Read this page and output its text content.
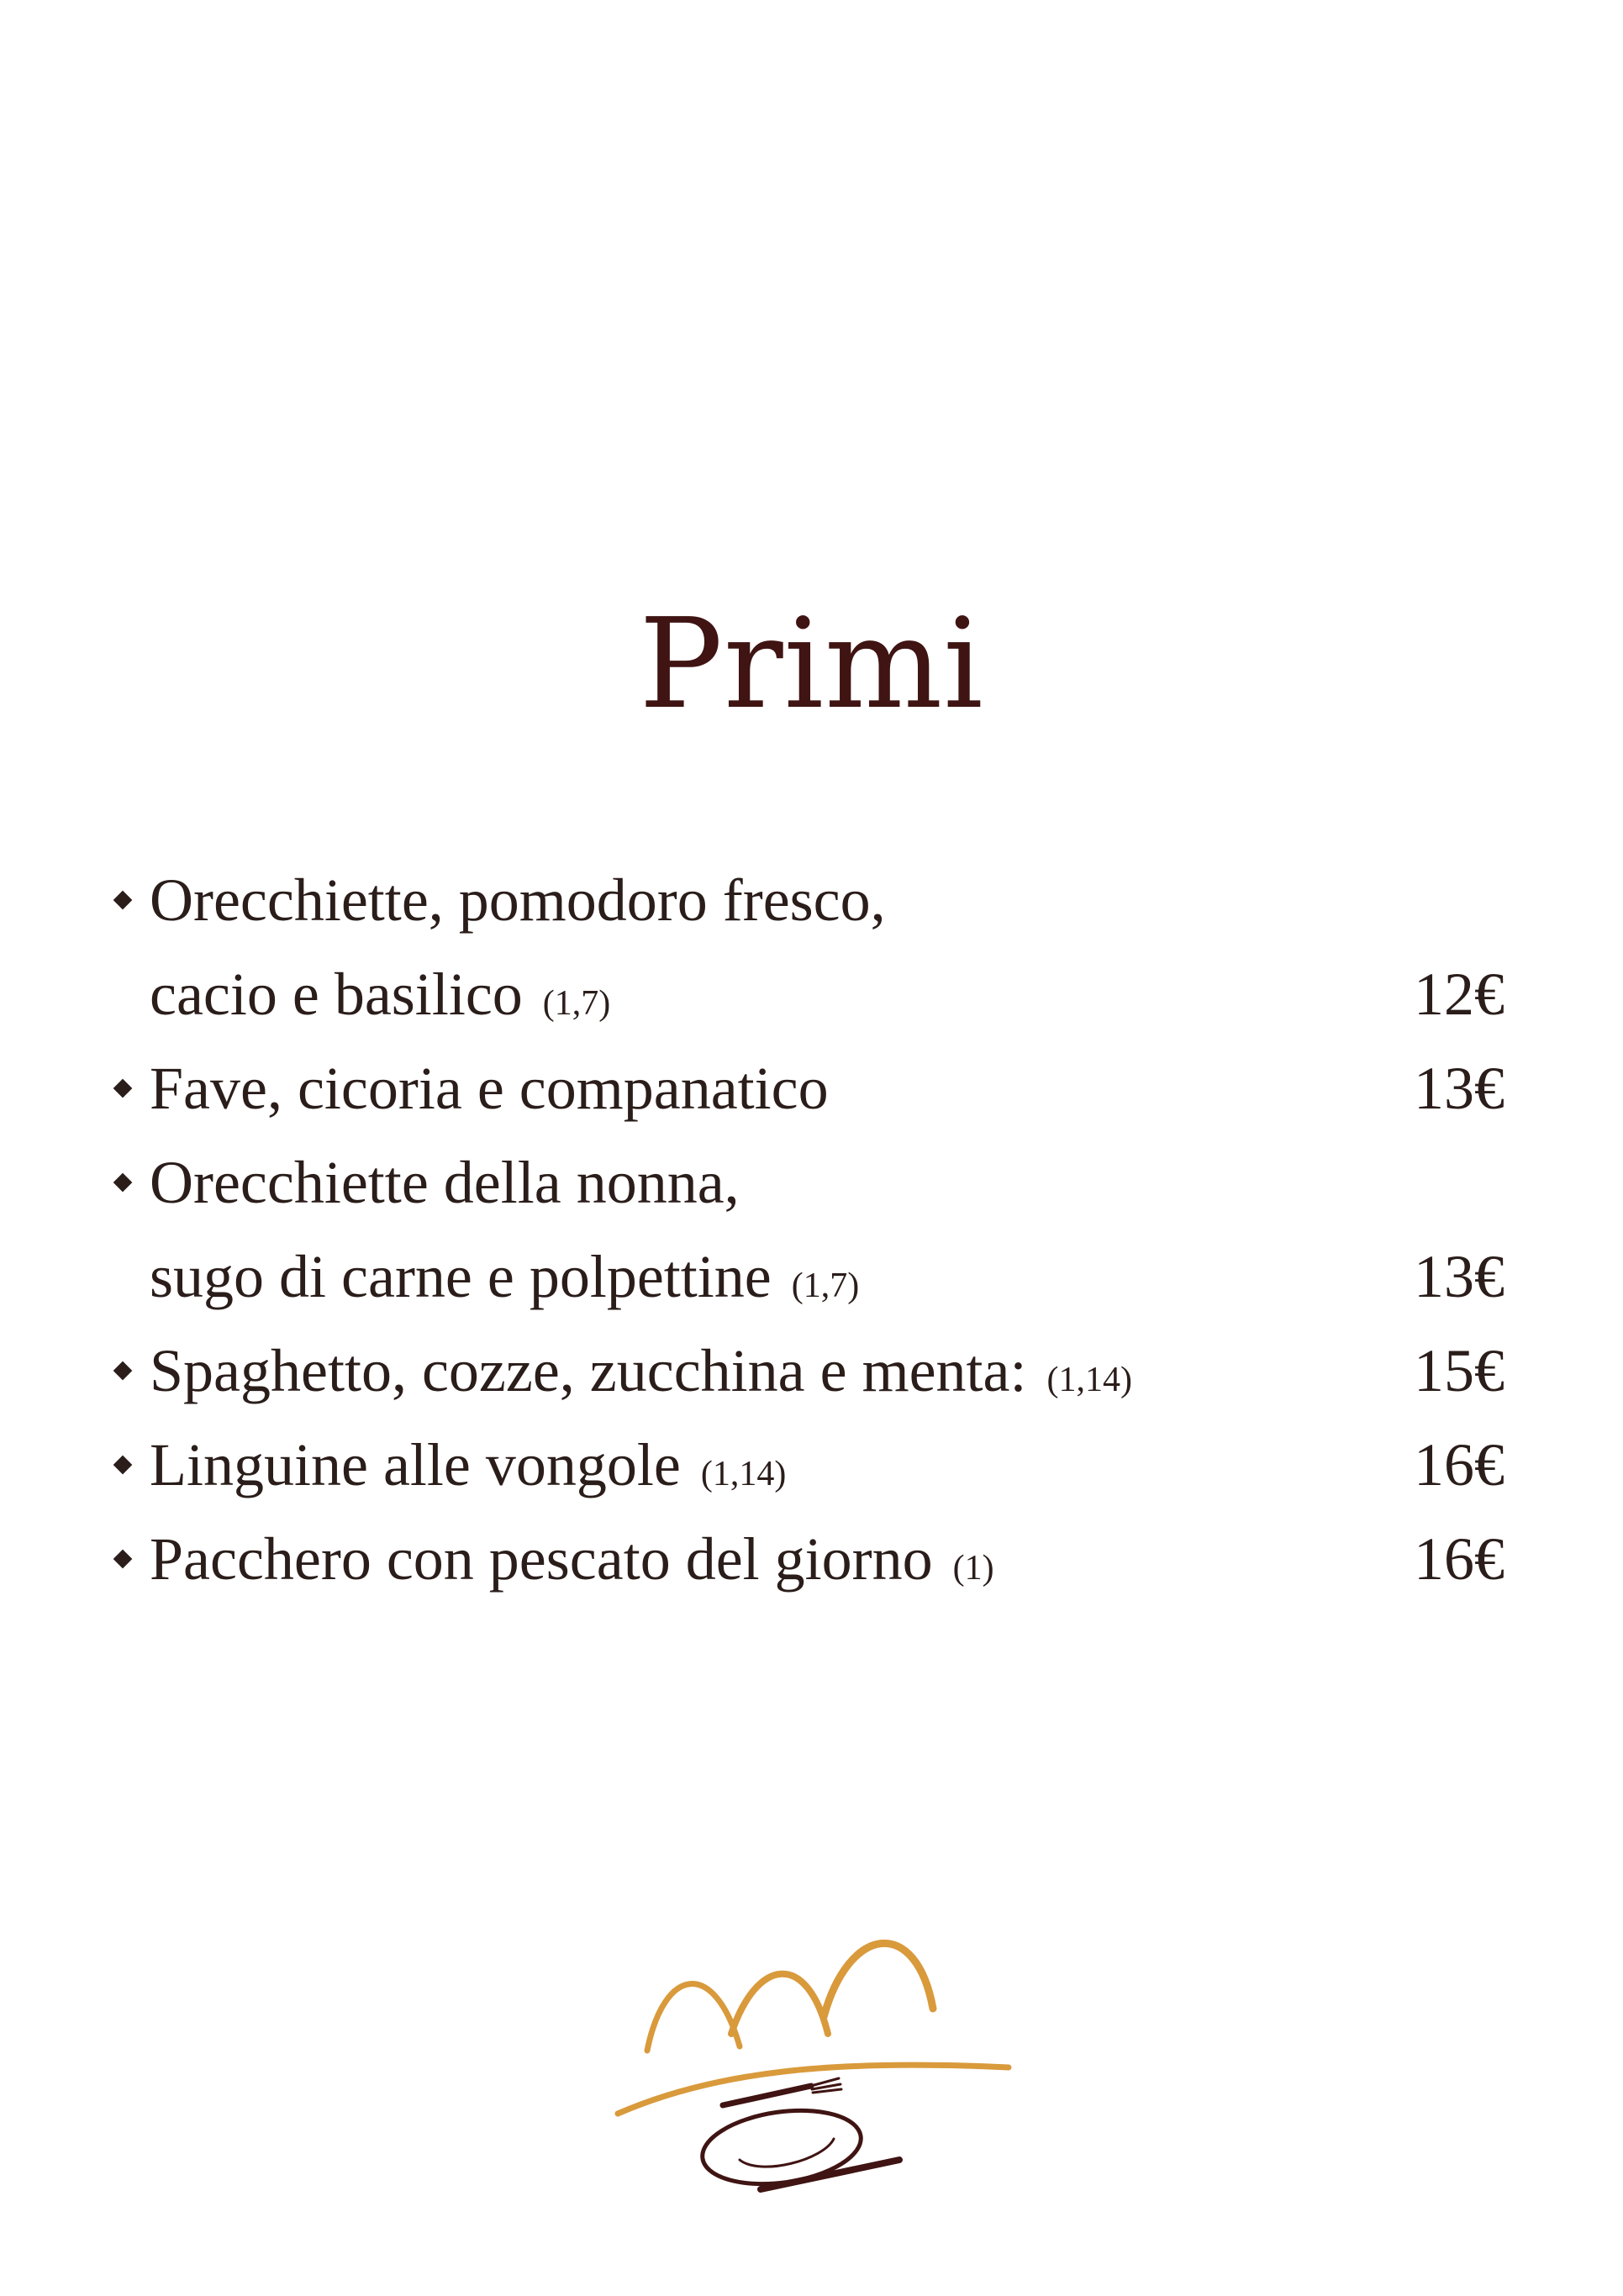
Primi
Orecchiette, pomodoro fresco,
cacio e basilico (1,7)	12€
Fave, cicoria e companatico	13€
Orecchiette della nonna,
sugo di carne e polpettine (1,7)	13€
Spaghetto, cozze, zucchina e menta: (1,14)	15€
Linguine alle vongole (1,14)	16€
Pacchero con pescato del giorno (1)	16€
